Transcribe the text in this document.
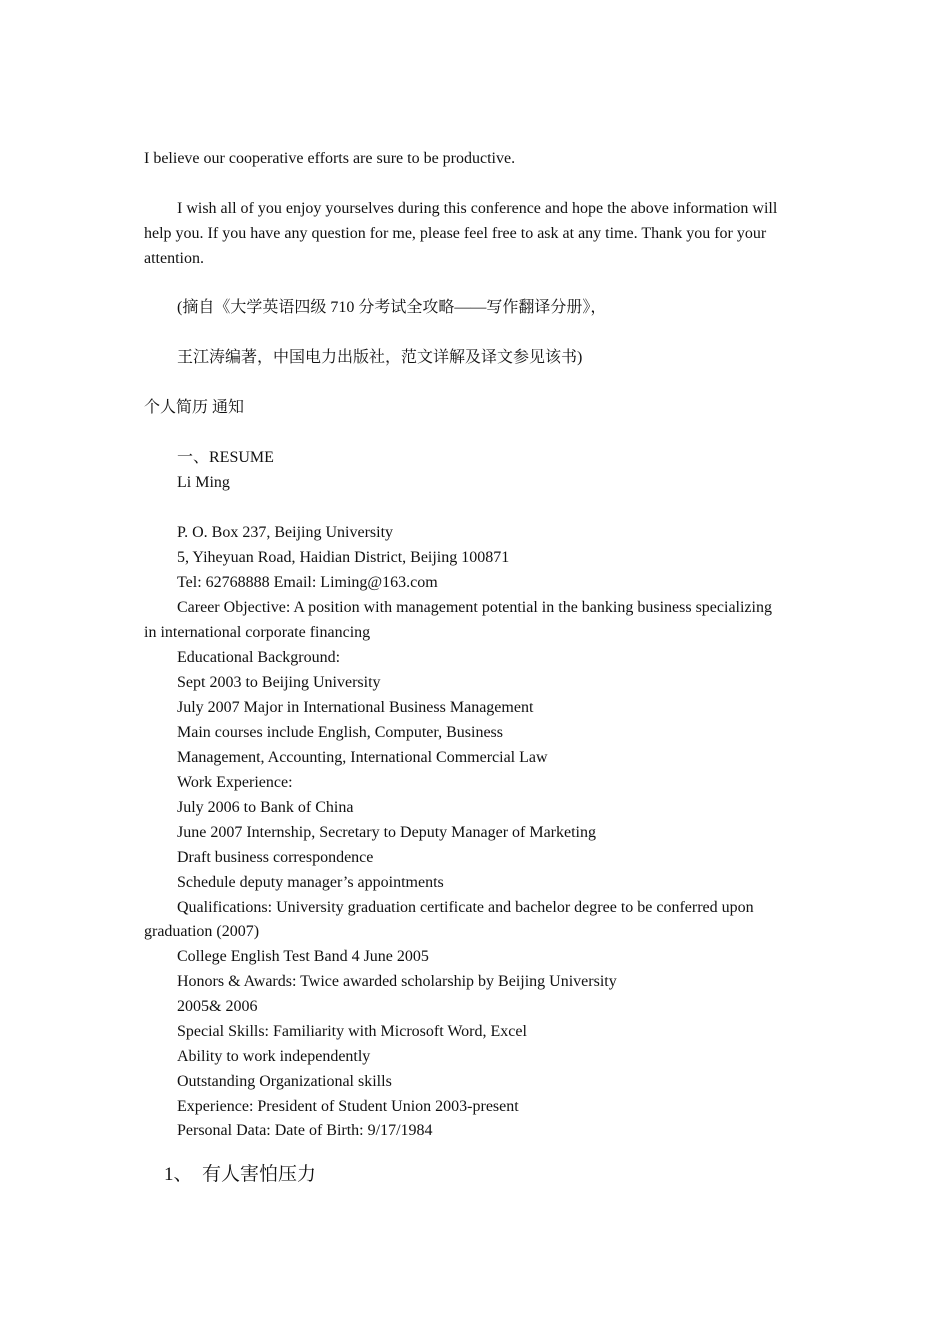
I believe our cooperative efforts are sure to be productive.
I wish all of you enjoy yourselves during this conference and hope the above information will
help you. If you have any question for me, please feel free to ask at any time. Thank you for your
attention.
(摘自《大学英语四级 710 分考试全攻略——写作翻译分册》，
王江涛编著，中国电力出版社，范文详解及译文参见该书)
个人简历 通知
一、RESUME
Li Ming
P. O. Box 237, Beijing University
5, Yiheyuan Road, Haidian District, Beijing 100871
Tel: 62768888 Email: Liming@163.com
Career Objective: A position with management potential in the banking business specializing
in international corporate financing
Educational Background:
Sept 2003 to Beijing University
July 2007 Major in International Business Management
Main courses include English, Computer, Business
Management, Accounting, International Commercial Law
Work Experience:
July 2006 to Bank of China
June 2007 Internship, Secretary to Deputy Manager of Marketing
Draft business correspondence
Schedule deputy manager’s appointments
Qualifications: University graduation certificate and bachelor degree to be conferred upon
graduation (2007)
College English Test Band 4 June 2005
Honors & Awards: Twice awarded scholarship by Beijing University
2005& 2006
Special Skills: Familiarity with Microsoft Word, Excel
Ability to work independently
Outstanding Organizational skills
Experience: President of Student Union 2003-present
Personal Data: Date of Birth: 9/17/1984
1、 有人害怕压力
